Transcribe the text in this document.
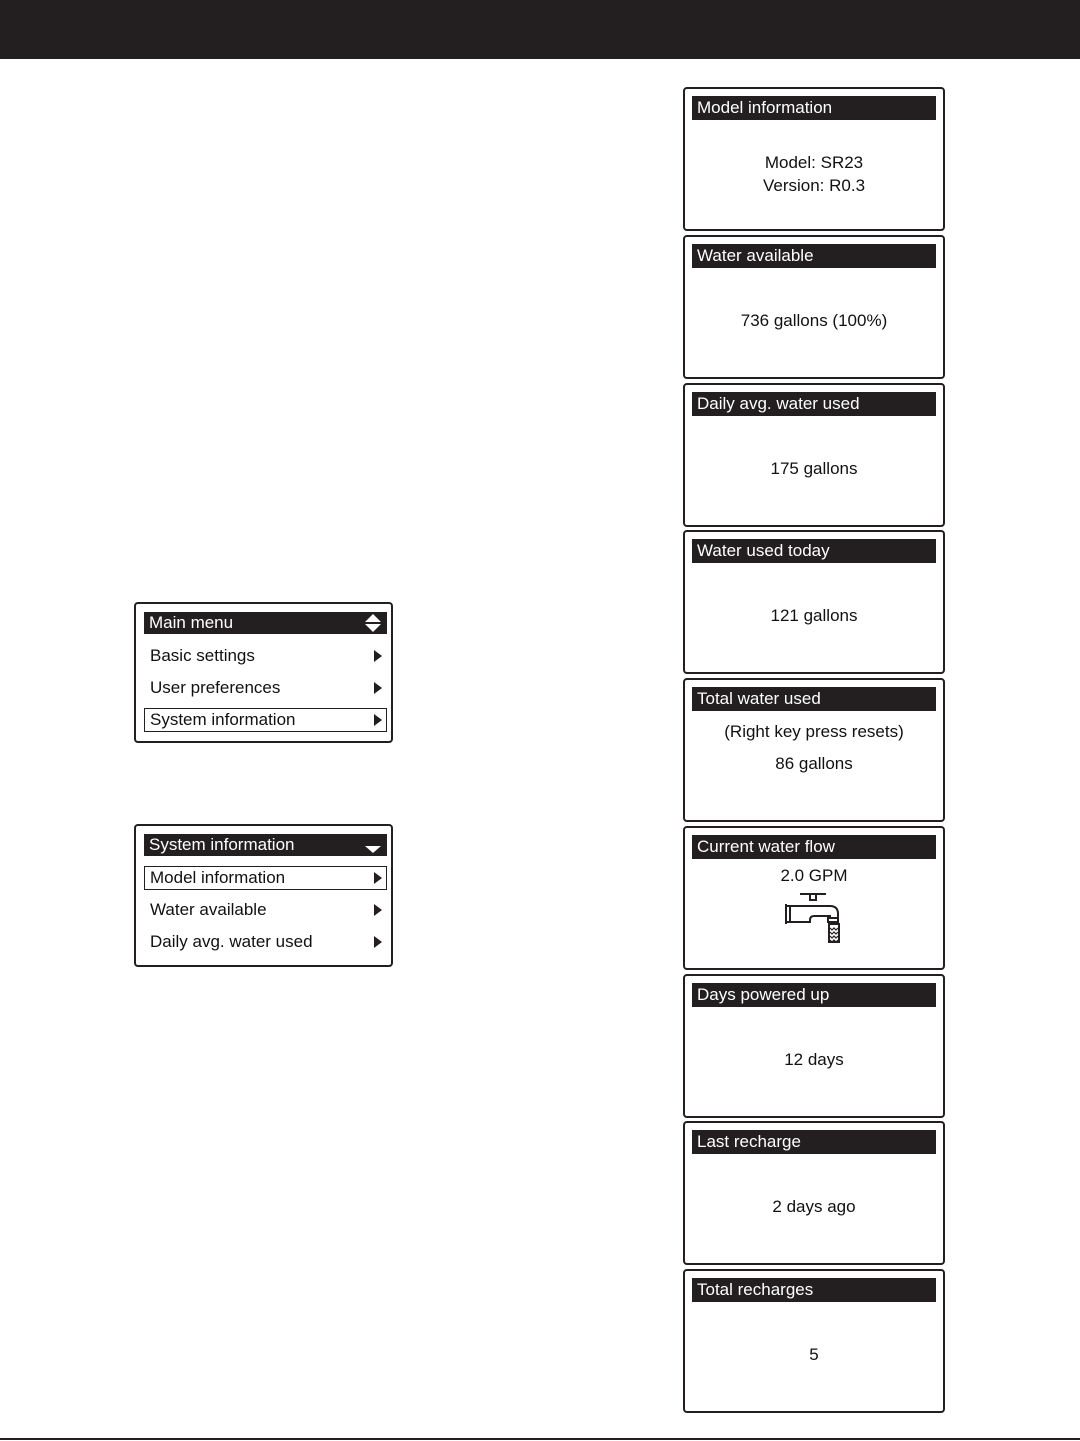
Main menu
Basic settings
User preferences
System information
System information
Model information
Water available
Daily avg. water used
Model information
Model: SR23
Version: R0.3
Water available
736 gallons (100%)
Daily avg. water used
175 gallons
Water used today
121 gallons
Total water used
(Right key press resets)
86 gallons
Current water flow
2.0 GPM
Days powered up
12 days
Last recharge
2 days ago
Total recharges
5
